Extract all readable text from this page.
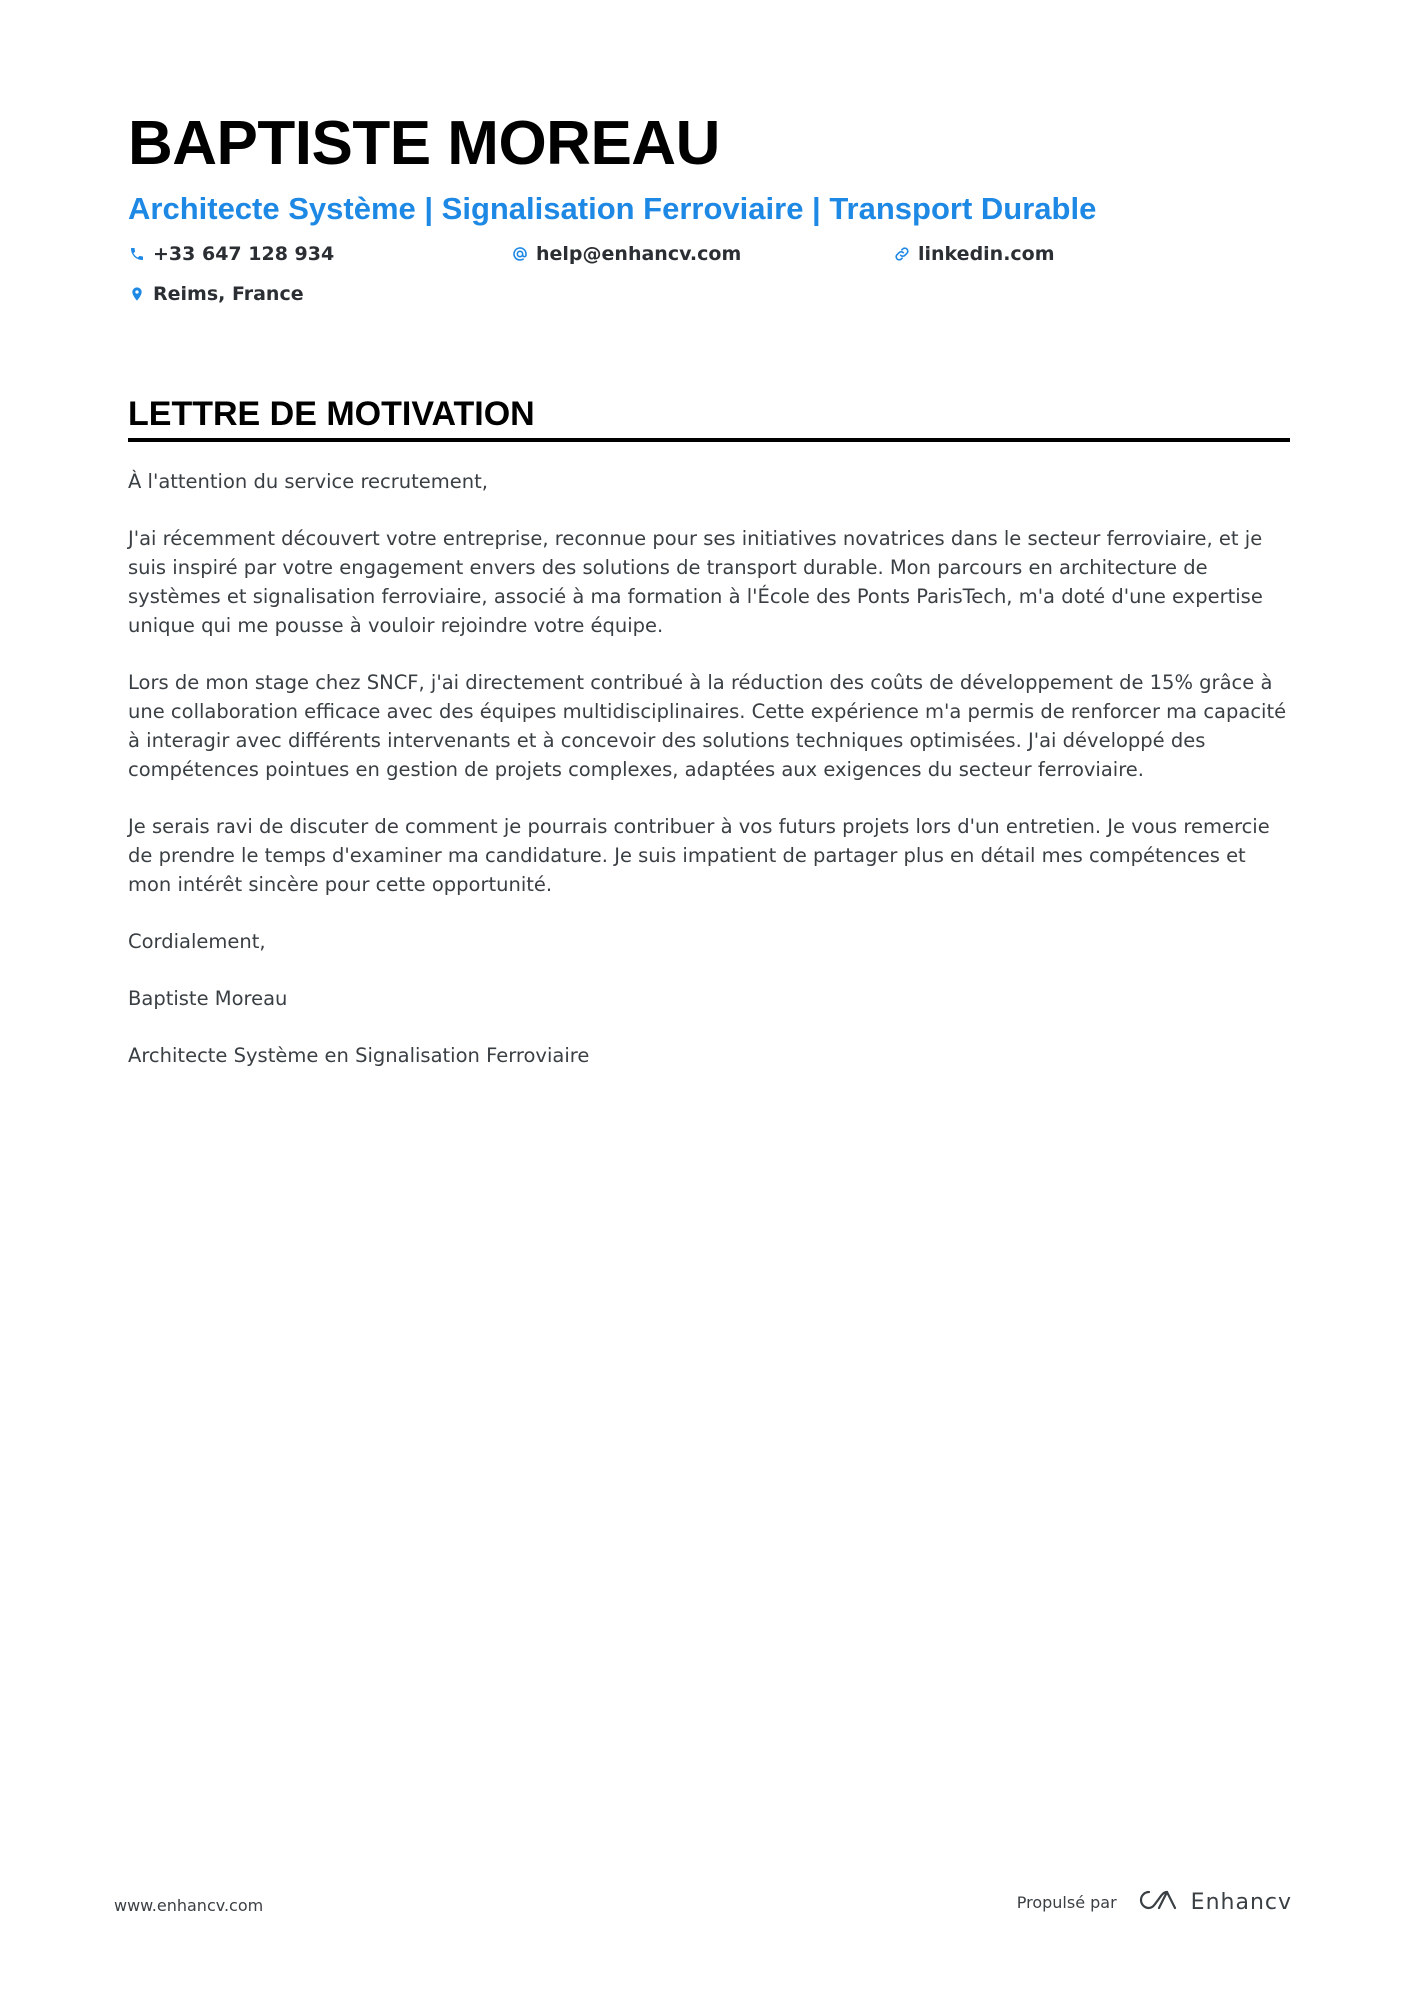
BAPTISTE MOREAU
Architecte Système | Signalisation Ferroviaire | Transport Durable
+33 647 128 934	help@enhancv.com	linkedin.com
Reims, France
LETTRE DE MOTIVATION

À l'attention du service recrutement,

J'ai récemment découvert votre entreprise, reconnue pour ses initiatives novatrices dans le secteur ferroviaire, et je suis inspiré par votre engagement envers des solutions de transport durable. Mon parcours en architecture de systèmes et signalisation ferroviaire, associé à ma formation à l'École des Ponts ParisTech, m'a doté d'une expertise unique qui me pousse à vouloir rejoindre votre équipe.

Lors de mon stage chez SNCF, j'ai directement contribué à la réduction des coûts de développement de 15% grâce à une collaboration efficace avec des équipes multidisciplinaires. Cette expérience m'a permis de renforcer ma capacité à interagir avec différents intervenants et à concevoir des solutions techniques optimisées. J'ai développé des compétences pointues en gestion de projets complexes, adaptées aux exigences du secteur ferroviaire.

Je serais ravi de discuter de comment je pourrais contribuer à vos futurs projets lors d'un entretien. Je vous remercie de prendre le temps d'examiner ma candidature. Je suis impatient de partager plus en détail mes compétences et mon intérêt sincère pour cette opportunité.

Cordialement,

Baptiste Moreau

Architecte Système en Signalisation Ferroviaire

www.enhancv.com	Propulsé par	Enhancv
